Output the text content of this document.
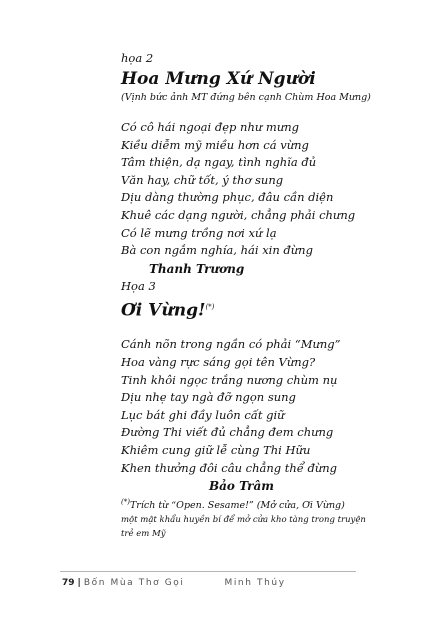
họa 2
Hoa Mưng Xứ Người
(Vịnh bức ảnh MT đứng bên cạnh Chùm Hoa Mưng)
Có cô hái ngoại đẹp như mưng
Kiều diễm mỹ miều hơn cá vừng
Tâm thiện, dạ ngay, tình nghĩa đủ
Văn hay, chữ tốt, ý thơ sung
Dịu dàng thường phục, đâu cần diện
Khuê các dạng người, chẳng phải chưng
Có lẽ mưng trồng nơi xứ lạ
Bà con ngắm nghía, hái xin đừng
Thanh Trương
Họa 3
Ơi Vừng!(*)
Cánh nõn trong ngần có phải “Mưng”
Hoa vàng rực sáng gọi tên Vừng?
Tinh khôi ngọc trắng nương chùm nụ
Dịu nhẹ tay ngà đỡ ngọn sung
Lục bát ghi đầy luôn cất giữ
Đường Thi viết đủ chẳng đem chưng
Khiêm cung giữ lễ cùng Thi Hữu
Khen thưởng đôi câu chẳng thể đừng
Bảo Trâm
(*)Trích từ “Open. Sesame!” (Mở cửa, Ơi Vừng)
một mật khẩu huyền bí để mở cửa kho tàng trong truyện
trẻ em Mỹ
79 | Bốn Mùa Thơ Gọi	Minh Thúy
